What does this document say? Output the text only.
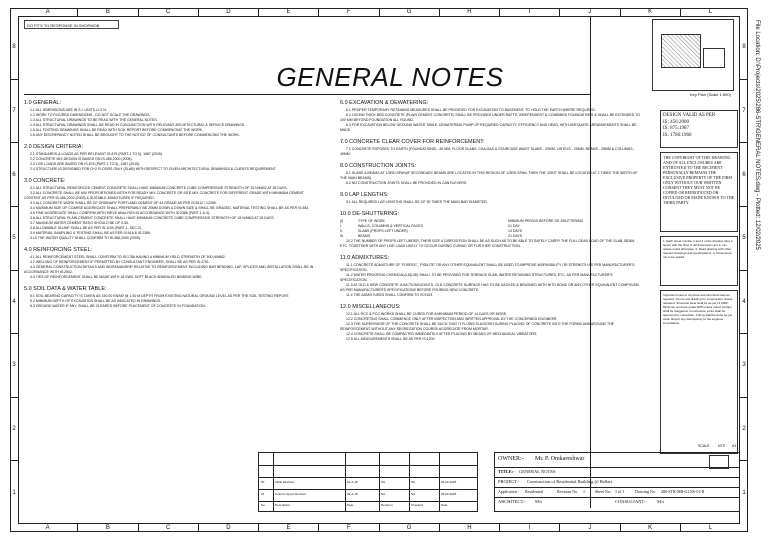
A	B	C	D	E	F	G	H	I	J	K	L
A	B	C	D	E	F	G	H	I	J	K	L
8
7
6
5
4
3
2
1
8
7
6
5
4
3
2
1
DO FITS TO RESPONSE IN SHOPMOB
GENERAL NOTES
Key Plan (Scale 1:500)
DESIGN VALID AS PER
IS: 456:2000
IS: 875:1987
IS: 1786:1966
THE COPYRIGHT OF THIS DRAWING AND OF ALL ENCLOSURES ARE ENTRUSTED TO THE RECIPIENT PERSONALLY REMAINS THE EXCLUSIVE PROPERTY OF THE FIRM ONLY WITHOUT OUR WRITTEN CONSENT THEY MUST NOT BE COPIED OR REPRODUCED OR DIVULGED OR MADE KNOWN TO THE THIRD PARTY.
1. Each sheet number 1 and 2 of the drawing refer a layout with the final. 2. All dimensions are in mm unless noted otherwise. 3. Read drawing with other relevant drawings and specifications. 4. Dimensions not to be scaled.
Important notes to concrete and structural steel as required. Do not use drawing for construction unless released. Structural steel shall be as per IS 2062. Minimum concrete grade M25 unless noted. All laps shall be staggered. Construction joints shall be approved by consultant. Curing shall be done as per code. Report any discrepancy to the engineer immediately.
1.0 GENERAL:

1.1 ALL DIMENSIONS ARE IN S.I. UNITS U.O.N.

1.2 WORK TO FIGURED DIMENSIONS - DO NOT SCALE THE DRAWINGS.

1.3 ALL STRUCTURAL DRAWINGS TO BE READ WITH THE GENERAL NOTES.

1.4 ALL STRUCTURAL DRAWINGS SHALL BE READ IN CONJUNCTION WITH RELEVANT ARCHITECTURAL & SERVICE DRAWINGS.

1.5 ALL FOOTING DRAWINGS SHALL BE READ WITH SOIL REPORT BEFORE COMMENCING THE WORK.

1.6 ANY DISCREPANCY NOTED SHALL BE BROUGHT TO THE NOTICE OF CONSULTANTS BEFORE COMMENCING THE WORK.

2.0 DESIGN CRITERIA:

2.1 STANDARDS & LOADS AS PER RELEVANT IS-875 (PART-1 TO 5), 1987 (2015).

2.2 CONCRETE MIX DESIGN IS BASED ON IS-456,2000 (2005).

2.3 LIVE LOADS ARE BASED ON IS-875 (PART-1 TO 5), 1987 (2015).

2.4 STRUCTURE IS DESIGNED FOR G+2 FLOORS ONLY (SLAB) WITH RESPECT TO GIVEN ARCHITECTURAL DRAWINGS & CLIENTS REQUIREMENT.

3.0 CONCRETE:

3.1 ALL STRUCTURAL REINFORCED CEMENT CONCRETE SHALL HAVE MINIMUM CONCRETE CUBE COMPRESSIVE STRENGTH OF 25 N/MM2 AT 28 DAYS.

3.2 ALL CONCRETE SHALL BE MIX PROPORTIONED BOTH FOR READY MIX CONCRETE OR SITE-MIX CONCRETE FOR DIFFERENT GRADE WITH MINIMUM CEMENT CONTENT AS PER IS-456,2000 (2005) & SUITABLE ADMIXTURES IF REQUIRED.

3.3 ALL CONCRETE WORK SHALL BE OF ORDINARY PORTLAND CEMENT OF 43 GRADE AS PER IS:8112 / 12269.

3.4 MAXIMUM SIZE OF COARSE AGGREGATE SHALL PREFERABLY BE 20MM DOWN & DOWN SIZE & SHALL BE GRADED, MATERIAL TESTING SHALL BE AS PER IS:383.

3.5 FINE AGGREGATE SHALL CONFIRM WITH SIEVE ANALYSIS IN ACCORDANCE WITH IS:2386 (PART-1 & 4).

3.6 ALL STRUCTURAL PLAIN CEMENT CONCRETE SHALL HAVE MINIMUM CONCRETE CUBE COMPRESSIVE STRENGTH OF 15 N/MM2 AT 28 DAYS.

3.7 MAXIMUM WATER CEMENT RATIO SHOULD BE OF 0.45.

3.8 ALLOWABLE SLUMP SHALL BE AS PER IS:1199 (PART-1, SEC-2).

3.9 MATERIAL SAMPLING & TESTING SHALL BE AS PER IS:516 & IS:2386.

3.10 THE WATER QUALITY SHALL CONFIRM TO IS-456,2000 (2005).

4.0 REINFORCING STEEL:

4.1 ALL REINFORCEMENT STEEL SHALL CONFORM TO IS:1786 HAVING A MINIMUM YIELD STRENGTH OF 500 N/MM2.

4.2 WELDING OF REINFORCEMENT IF PERMITTED BY CONSULTANT ENGINEER, SHALL BE AS PER IS:2751.

4.3 GENERAL CONSTRUCTION DETAILS AND WORKMANSHIP RELATIVE TO REINFORCEMENT INCLUDING BAR BENDING, LAP, SPLICES AND INSTALLATION SHALL BE IN ACCORDANCE WITH IS:2502.

4.4 TIES OF REINFORCEMENT SHALL BE MADE WITH 18 SWG SOFT BLACK ANNEALED BINDING WIRE.

5.0 SOIL DATA & WATER TABLE:

5.1 SOIL BEARING CAPACITY IS TAKEN AS 150.00 KN/M2 @ 1.50 M DEPTH FROM EXISTING NATURAL GROUND LEVEL AS PER THE SOIL TESTING REPORT.

5.2 MINIMUM DEPTH OF EXCAVATION SHALL BE AS INDICATED IN DRAWINGS.

5.3 GROUND WATER IF ANY, SHALL BE CLEARED BEFORE PLACEMENT OF CONCRETE IN FOUNDATION.

6.0 EXCAVATION & DEWATERING:

6.1 PROPER TEMPORARY RETAINING MEASURES SHALL BE PROVIDED FOR EXCAVATION TO BASEMENT, TO HOLD THE EARTH WHERE REQUIRED.

6.2 100 MM THICK BED CONCRETE (PLAIN CEMENT CONCRETE) SHALL BE PROVIDED UNDER RAFTS, INDEPENDENT & COMBINED FOUNDATIONS & SHALL BE EXTENDED TO 100 MM BEYOND FOUNDATION ALL ROUND.

6.3 FOR EXCAVATION BELOW GROUND WATER TABLE, DEWATERING PUMP OF REQUIRED CAPACITY, EFFICIENCY AND HEAD, WITH ADEQUATE ARRANGEMENTS SHALL BE MADE.

7.0 CONCRETE CLEAR COVER FOR REINFORCEMENT:

7.1 CONCRETE EXPOSED TO EARTH (FOUNDATIONS) - 50 MM, FLOOR SLABS, CHAJJAS & STAIRCASE WAIST SLABS - 20MM, LINTELS - 25MM, BEAMS - 25MM & COLUMNS - 40MM.

8.0 CONSTRUCTION JOINTS:

8.1 SLABS & BEAMS AT 1/3RD SPAN(IF SECONDARY BEAMS ARE LOCATED IN THIS REGION OF 1/3RD SPAN, THEN THE JOINT SHALL BE LOCATED AT 2 TIMES THE WIDTH OF THE MAIN BEAMS).

8.2 NO CONSTRUCTION JOINTS SHALL BE PROVIDED IN CANTILEVERS.

9.0 LAP LENGTHS:

9.1 ALL REQUIRED LAP LENGTHS SHALL BE OF 50 TIMES THE MAIN BAR DIAMETER.

10.0 DE-SHUTTERING:
(I)	TYPE OF WORK	MINIMUM PERIOD BEFORE DE-SHUTTERING
I.	WALLS, COLUMNS & VERTICAL FACES	01 DAY
II.	SLABS (PROPS LEFT UNDER)	14 DAYS
III.	BEAMS	21 DAYS

10.2 THE NUMBER OF PROPS LEFT UNDER, THEIR SIZE & DISPOSITION SHALL BE AS SUCH AS TO BE ABLE TO SAFELY CARRY THE FULL DEAD LOAD OF THE SLAB, BEAM, ETC. TOGETHER WITH ANY LIVE LOAD LIKELY TO OCCUR DURING CURING OR FURTHER CONSTRUCTION.

11.0 ADMIXTURES:

11.1 CONCRETE ADMIXTURE OF 'FOSROC', 'PIDILITE' OR ANY OTHER EQUIVALENT SHALL BE USED TO IMPROVE WORKABILITY OR STRENGTH AS PER MANUFACTURER'S SPECIFICATION.

11.2 WATER PROOFING CHEMICAL(LIQUID) SHALL TO BE PROVIDED FOR TERRACE SLAB, WATER RETAINING STRUCTURES, ETC. AS PER MANUFACTURER'S SPECIFICATION.

11.3 AT OLD & NEW CONCRETE JUNCTIONS/JOINTS, OLD CONCRETE SURFACE HAS TO BE HACKED & BRUSHED WITH NITO BOND OR ANY OTHER EQUIVALENT COMPOUND AS PER MANUFACTURER'S SPECIFICATIONS BEFORE POURING NEW CONCRETE.

11.4 THE ADMIXTURES SHALL CONFIRM TO IS:9103.

12.0 MISCELLANEOUS:

12.1 ALL RCC & PCC WORKS SHALL BE CURED FOR A MINIMUM PERIOD OF 14 DAYS OR MORE.

12.2 CONCRETING SHALL COMMENCE ONLY AFTER INSPECTION AND WRITTEN APPROVAL BY THE CONCERNED ENGINEER.

12.3 THE SUPERVISOR OF THE CONCRETE SHALL BE SUCH THAT IT FLOWS SLUGGISH DURING PLACING OF CONCRETE INTO THE FORMS AND AROUND THE REINFORCEMENT WITHOUT ANY SEGREGATION COURSE AGGREGATE FROM MORTAR.

12.4 CONCRETE SHALL BE COMPACTED IMMEDIATELY AFTER PLACING BY MEANS OF MECHANICAL VIBRATORS.

12.5 ALL MEASUREMENTS SHALL BE AS PER IS:1200.

No.	Description	Date	Revision	Checked	Date
01	Column layout Revised	02-A-18	NA	NA	25-02-2025
00	Initial Revision	02-A-18	NA	NA	25-02-2025
OWNER:- Mr. P. Omkareshwar
TITLE:- GENERAL NOTES
PROJECT:- Construction of Residential Building @ Bellari.
Application - Residential	Revision No. 1	Sheet No: 1 of 1	Drawing No. 286-STR-MB-GLNS-01-R
ARCHITECT:- M/s	CONSULTANT:- M/s
SCALE NTS A3
File Location: D:\Projects\2025\286-STR\GENERAL NOTES.dwg - Plotted: 12/02/2025
